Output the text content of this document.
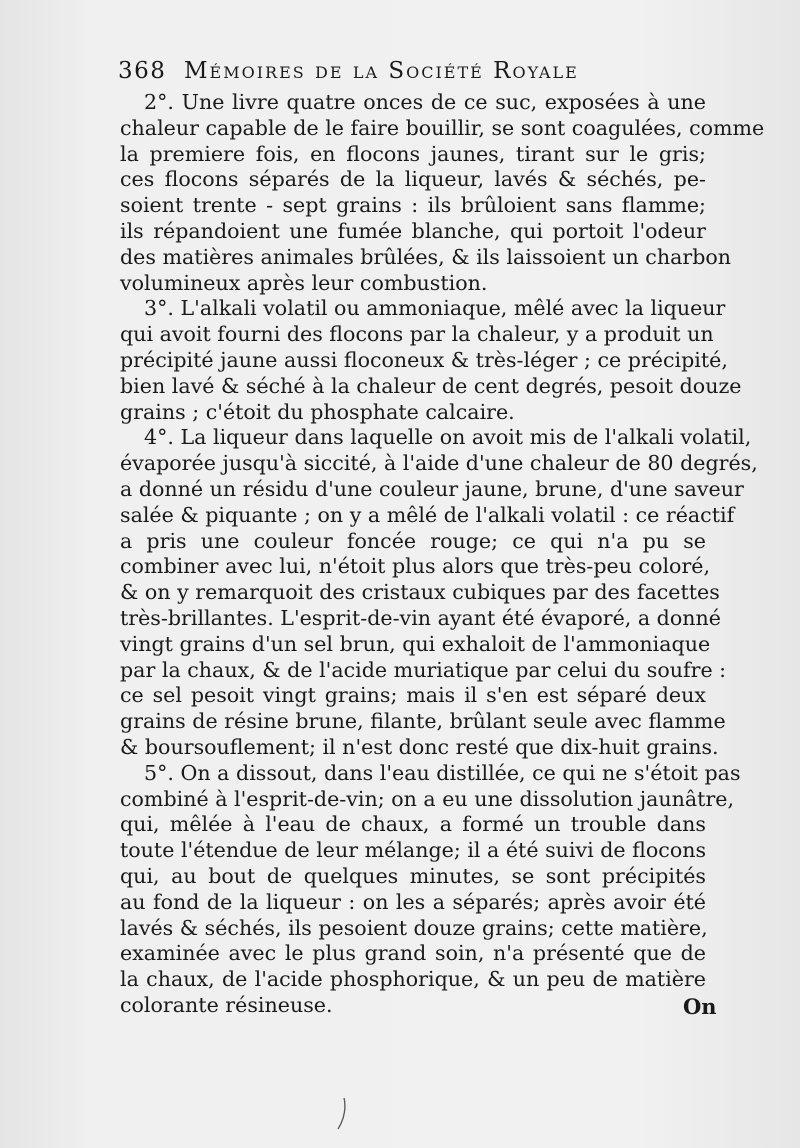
368 Mémoires de la Société Royale
2°. Une livre quatre onces de ce suc, exposées à une
chaleur capable de le faire bouillir, se sont coagulées, comme
la premiere fois, en flocons jaunes, tirant sur le gris;
ces flocons séparés de la liqueur, lavés & séchés, pe-
soient trente - sept grains : ils brûloient sans flamme;
ils répandoient une fumée blanche, qui portoit l'odeur
des matières animales brûlées, & ils laissoient un charbon
volumineux après leur combustion.
3°. L'alkali volatil ou ammoniaque, mêlé avec la liqueur
qui avoit fourni des flocons par la chaleur, y a produit un
précipité jaune aussi floconeux & très-léger ; ce précipité,
bien lavé & séché à la chaleur de cent degrés, pesoit douze
grains ; c'étoit du phosphate calcaire.
4°. La liqueur dans laquelle on avoit mis de l'alkali volatil,
évaporée jusqu'à siccité, à l'aide d'une chaleur de 80 degrés,
a donné un résidu d'une couleur jaune, brune, d'une saveur
salée & piquante ; on y a mêlé de l'alkali volatil : ce réactif
a pris une couleur foncée rouge; ce qui n'a pu se
combiner avec lui, n'étoit plus alors que très-peu coloré,
& on y remarquoit des cristaux cubiques par des facettes
très-brillantes. L'esprit-de-vin ayant été évaporé, a donné
vingt grains d'un sel brun, qui exhaloit de l'ammoniaque
par la chaux, & de l'acide muriatique par celui du soufre :
ce sel pesoit vingt grains; mais il s'en est séparé deux
grains de résine brune, filante, brûlant seule avec flamme
& boursouflement; il n'est donc resté que dix-huit grains.
5°. On a dissout, dans l'eau distillée, ce qui ne s'étoit pas
combiné à l'esprit-de-vin; on a eu une dissolution jaunâtre,
qui, mêlée à l'eau de chaux, a formé un trouble dans
toute l'étendue de leur mélange; il a été suivi de flocons
qui, au bout de quelques minutes, se sont précipités
au fond de la liqueur : on les a séparés; après avoir été
lavés & séchés, ils pesoient douze grains; cette matière,
examinée avec le plus grand soin, n'a présenté que de
la chaux, de l'acide phosphorique, & un peu de matière
colorante résineuse.	On
